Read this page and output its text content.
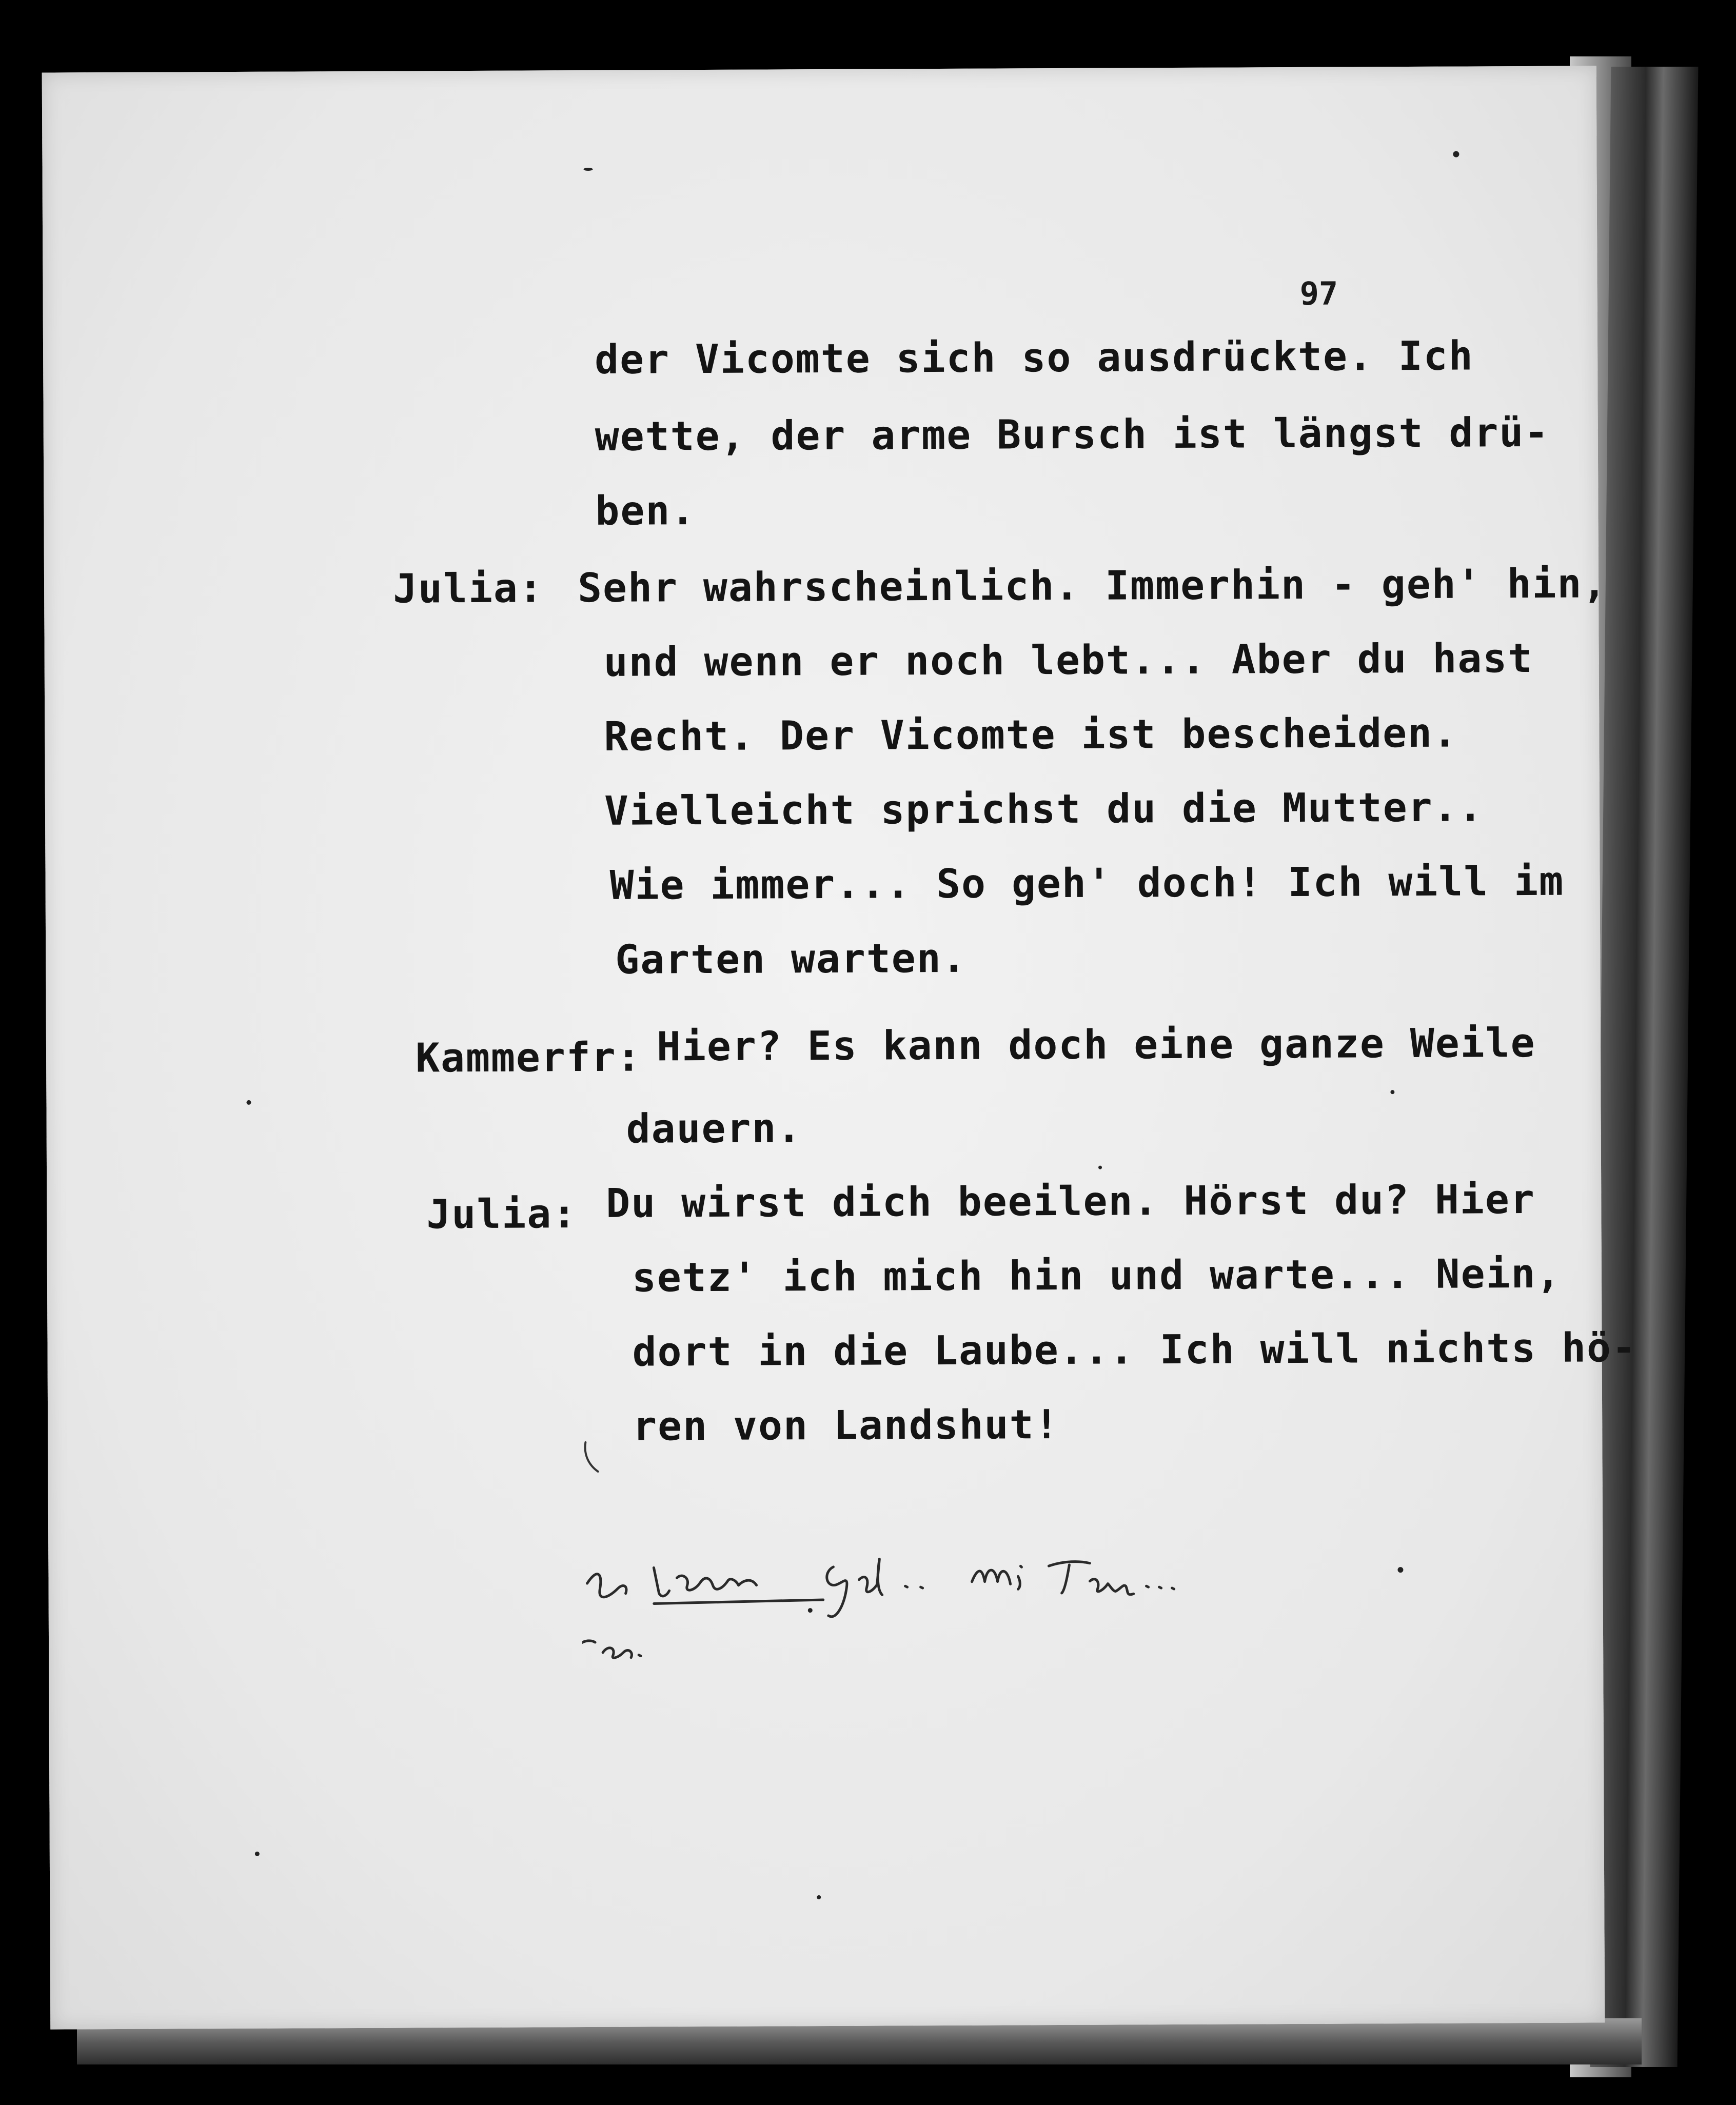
97
der Vicomte sich so ausdrückte. Ich
wette, der arme Bursch ist längst drü-
ben.
Julia: Sehr wahrscheinlich. Immerhin - geh' hin,
und wenn er noch lebt... Aber du hast
Recht. Der Vicomte ist bescheiden.
Vielleicht sprichst du die Mutter..
Wie immer... So geh' doch! Ich will im
Garten warten.
Kammerfr: Hier? Es kann doch eine ganze Weile
dauern.
Julia: Du wirst dich beeilen. Hörst du? Hier
setz' ich mich hin und warte... Nein,
dort in die Laube... Ich will nichts hö-
ren von Landshut!
